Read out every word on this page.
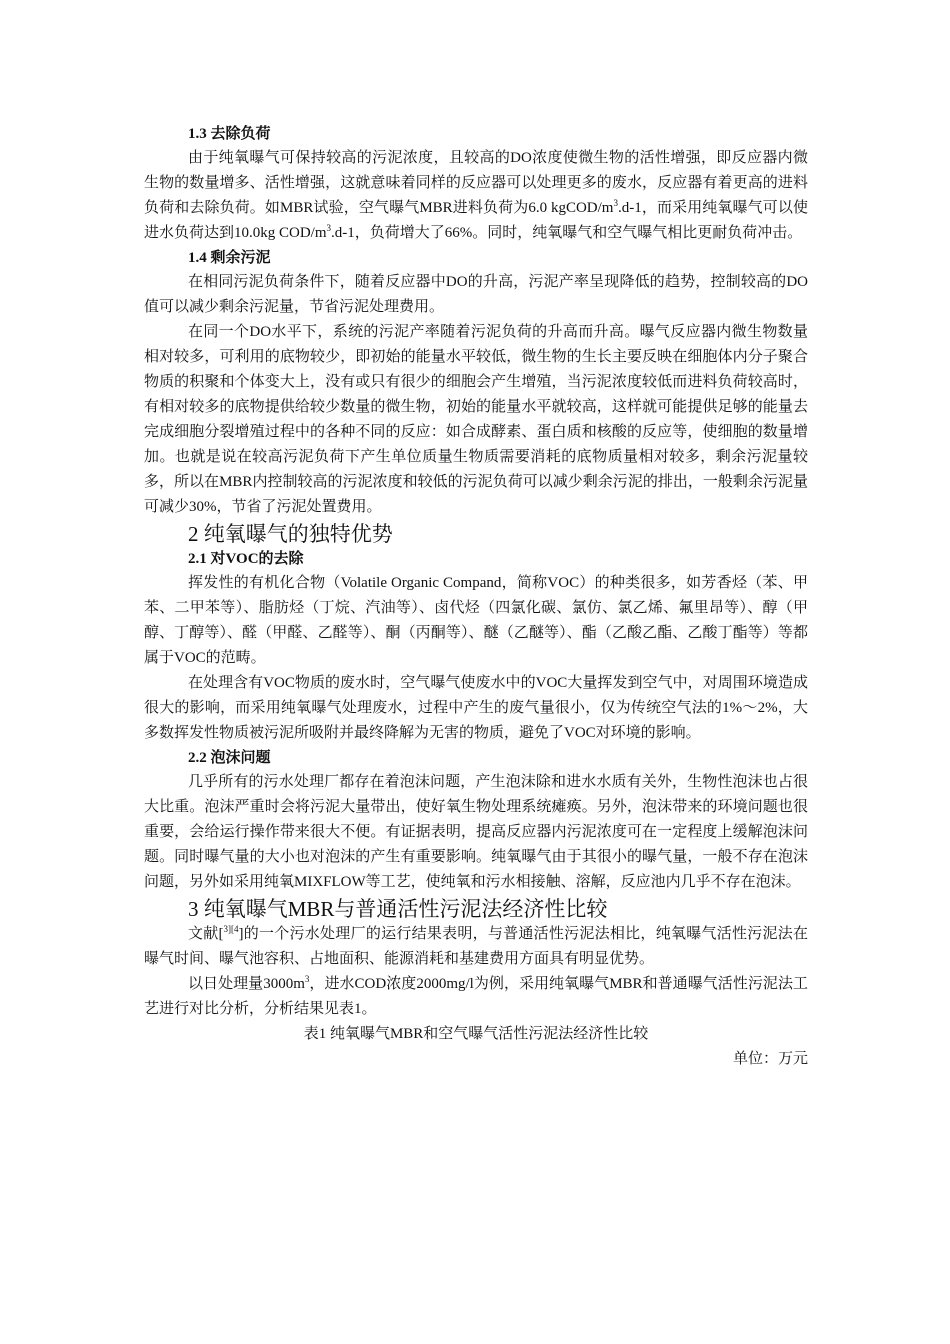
1.3 去除负荷

由于纯氧曝气可保持较高的污泥浓度，且较高的DO浓度使微生物的活性增强，即反应器内微生物的数量增多、活性增强，这就意味着同样的反应器可以处理更多的废水，反应器有着更高的进料负荷和去除负荷。如MBR试验，空气曝气MBR进料负荷为6.0 kgCOD/$m^3.d-1$，而采用纯氧曝气可以使进水负荷达到10.0kg COD/$m^3.d-1$，负荷增大了66%。同时，纯氧曝气和空气曝气相比更耐负荷冲击。

1.4 剩余污泥

在相同污泥负荷条件下，随着反应器中DO的升高，污泥产率呈现降低的趋势，控制较高的DO值可以减少剩余污泥量，节省污泥处理费用。

在同一个DO水平下，系统的污泥产率随着污泥负荷的升高而升高。曝气反应器内微生物数量相对较多，可利用的底物较少，即初始的能量水平较低，微生物的生长主要反映在细胞体内分子聚合物质的积聚和个体变大上，没有或只有很少的细胞会产生增殖，当污泥浓度较低而进料负荷较高时，有相对较多的底物提供给较少数量的微生物，初始的能量水平就较高，这样就可能提供足够的能量去完成细胞分裂增殖过程中的各种不同的反应：如合成酵素、蛋白质和核酸的反应等，使细胞的数量增加。也就是说在较高污泥负荷下产生单位质量生物质需要消耗的底物质量相对较多，剩余污泥量较多，所以在MBR内控制较高的污泥浓度和较低的污泥负荷可以减少剩余污泥的排出，一般剩余污泥量可减少30%，节省了污泥处置费用。

2 纯氧曝气的独特优势

2.1 对VOC的去除

挥发性的有机化合物（Volatile Organic Compand，简称VOC）的种类很多，如芳香烃（苯、甲苯、二甲苯等）、脂肪烃（丁烷、汽油等）、卤代烃（四氯化碳、氯仿、氯乙烯、氟里昂等）、醇（甲醇、丁醇等）、醛（甲醛、乙醛等）、酮（丙酮等）、醚（乙醚等）、酯（乙酸乙酯、乙酸丁酯等）等都属于VOC的范畴。

在处理含有VOC物质的废水时，空气曝气使废水中的VOC大量挥发到空气中，对周围环境造成很大的影响，而采用纯氧曝气处理废水，过程中产生的废气量很小，仅为传统空气法的1%～2%，大多数挥发性物质被污泥所吸附并最终降解为无害的物质，避免了VOC对环境的影响。

2.2 泡沫问题

几乎所有的污水处理厂都存在着泡沫问题，产生泡沫除和进水水质有关外，生物性泡沫也占很大比重。泡沫严重时会将污泥大量带出，使好氧生物处理系统瘫痪。另外，泡沫带来的环境问题也很重要，会给运行操作带来很大不便。有证据表明，提高反应器内污泥浓度可在一定程度上缓解泡沫问题。同时曝气量的大小也对泡沫的产生有重要影响。纯氧曝气由于其很小的曝气量，一般不存在泡沫问题，另外如采用纯氧MIXFLOW等工艺，使纯氧和污水相接触、溶解，反应池内几乎不存在泡沫。

3 纯氧曝气MBR与普通活性污泥法经济性比较

文献[$^{3][4}$]的一个污水处理厂的运行结果表明，与普通活性污泥法相比，纯氧曝气活性污泥法在曝气时间、曝气池容积、占地面积、能源消耗和基建费用方面具有明显优势。

以日处理量$3000m^3$，进水COD浓度2000mg/l为例，采用纯氧曝气MBR和普通曝气活性污泥法工艺进行对比分析，分析结果见表1。

表1 纯氧曝气MBR和空气曝气活性污泥法经济性比较

单位：万元
